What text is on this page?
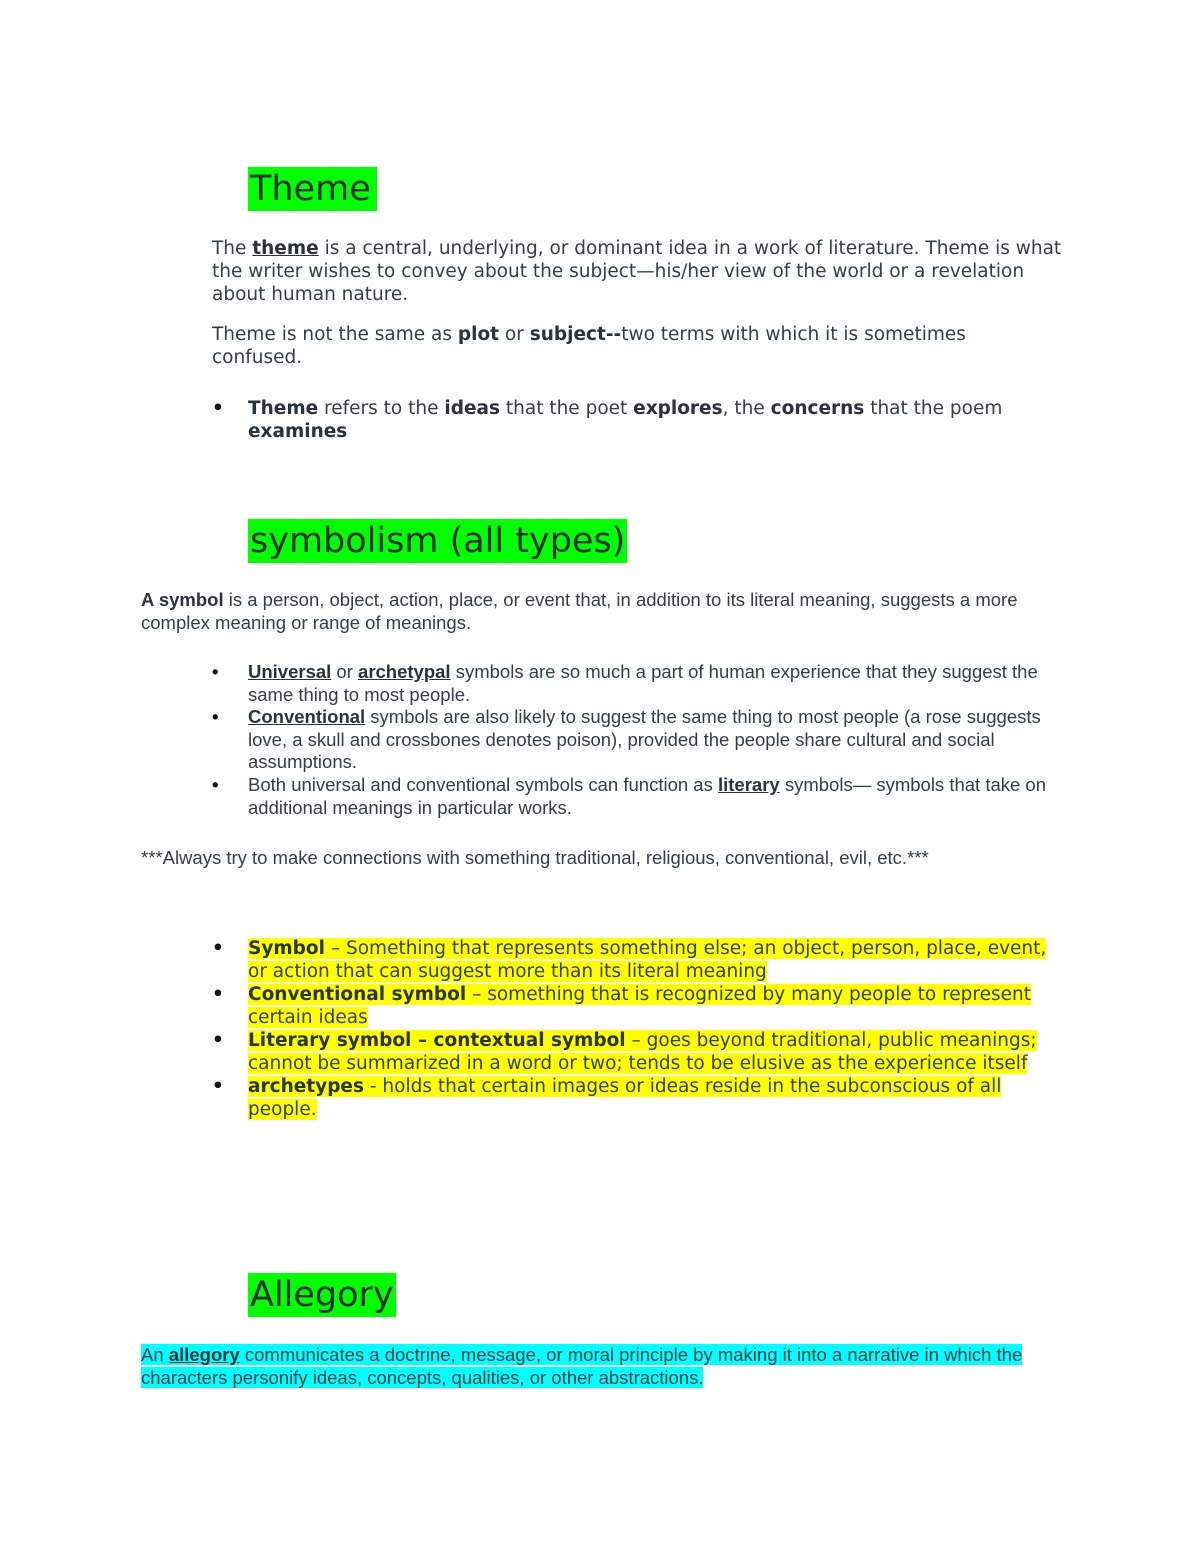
Theme
The theme is a central, underlying, or dominant idea in a work of literature. Theme is what the writer wishes to convey about the subject—his/her view of the world or a revelation about human nature.
Theme is not the same as plot or subject--two terms with which it is sometimes confused.
• Theme refers to the ideas that the poet explores, the concerns that the poem examines
symbolism (all types)
A symbol is a person, object, action, place, or event that, in addition to its literal meaning, suggests a more complex meaning or range of meanings.
• Universal or archetypal symbols are so much a part of human experience that they suggest the same thing to most people.
• Conventional symbols are also likely to suggest the same thing to most people (a rose suggests love, a skull and crossbones denotes poison), provided the people share cultural and social assumptions.
• Both universal and conventional symbols can function as literary symbols— symbols that take on additional meanings in particular works.
***Always try to make connections with something traditional, religious, conventional, evil, etc.***
• Symbol – Something that represents something else; an object, person, place, event, or action that can suggest more than its literal meaning
• Conventional symbol – something that is recognized by many people to represent certain ideas
• Literary symbol – contextual symbol – goes beyond traditional, public meanings; cannot be summarized in a word or two; tends to be elusive as the experience itself
• archetypes - holds that certain images or ideas reside in the subconscious of all people.
Allegory
An allegory communicates a doctrine, message, or moral principle by making it into a narrative in which the characters personify ideas, concepts, qualities, or other abstractions.
